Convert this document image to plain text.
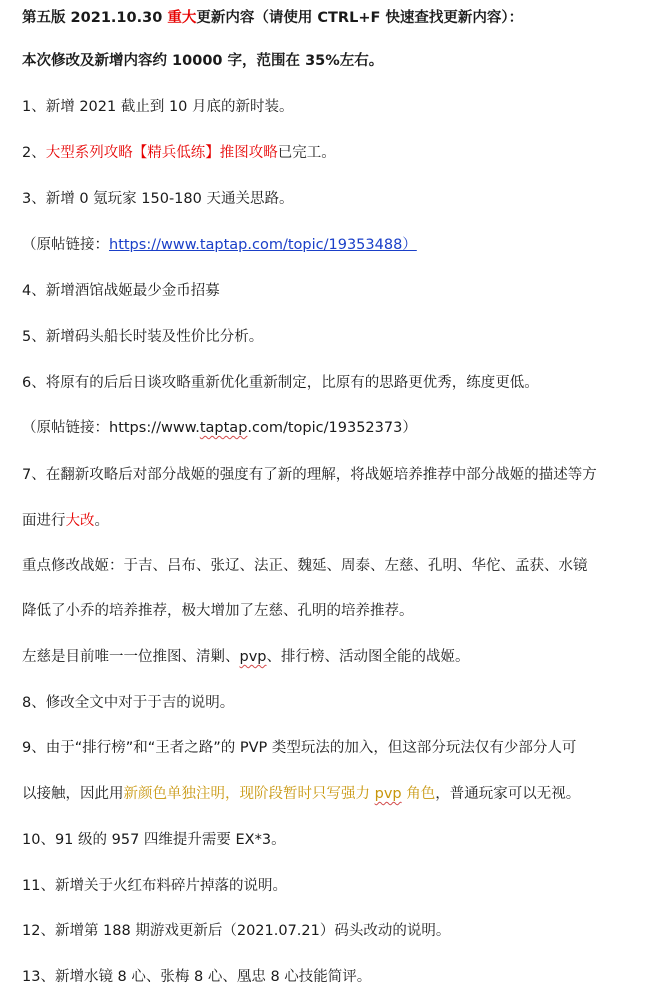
第五版 2021.10.30 重大更新内容（请使用 CTRL+F 快速查找更新内容）：
本次修改及新增内容约 10000 字，范围在 35%左右。
1、新增 2021 截止到 10 月底的新时装。
2、大型系列攻略【精兵低练】推图攻略已完工。
3、新增 0 氪玩家 150-180 天通关思路。
（原帖链接：https://www.taptap.com/topic/19353488）
4、新增酒馆战姬最少金币招募
5、新增码头船长时装及性价比分析。
6、将原有的后后日谈攻略重新优化重新制定，比原有的思路更优秀，练度更低。
（原帖链接：https://www.taptap.com/topic/19352373）
7、在翻新攻略后对部分战姬的强度有了新的理解，将战姬培养推荐中部分战姬的描述等方
面进行大改。
重点修改战姬：于吉、吕布、张辽、法正、魏延、周泰、左慈、孔明、华佗、孟获、水镜
降低了小乔的培养推荐，极大增加了左慈、孔明的培养推荐。
左慈是目前唯一一位推图、清剿、pvp、排行榜、活动图全能的战姬。
8、修改全文中对于于吉的说明。
9、由于“排行榜”和“王者之路”的 PVP 类型玩法的加入，但这部分玩法仅有少部分人可
以接触，因此用新颜色单独注明，现阶段暂时只写强力 pvp 角色，普通玩家可以无视。
10、91 级的 957 四维提升需要 EX*3。
11、新增关于火红布料碎片掉落的说明。
12、新增第 188 期游戏更新后（2021.07.21）码头改动的说明。
13、新增水镜 8 心、张梅 8 心、凰忠 8 心技能简评。
